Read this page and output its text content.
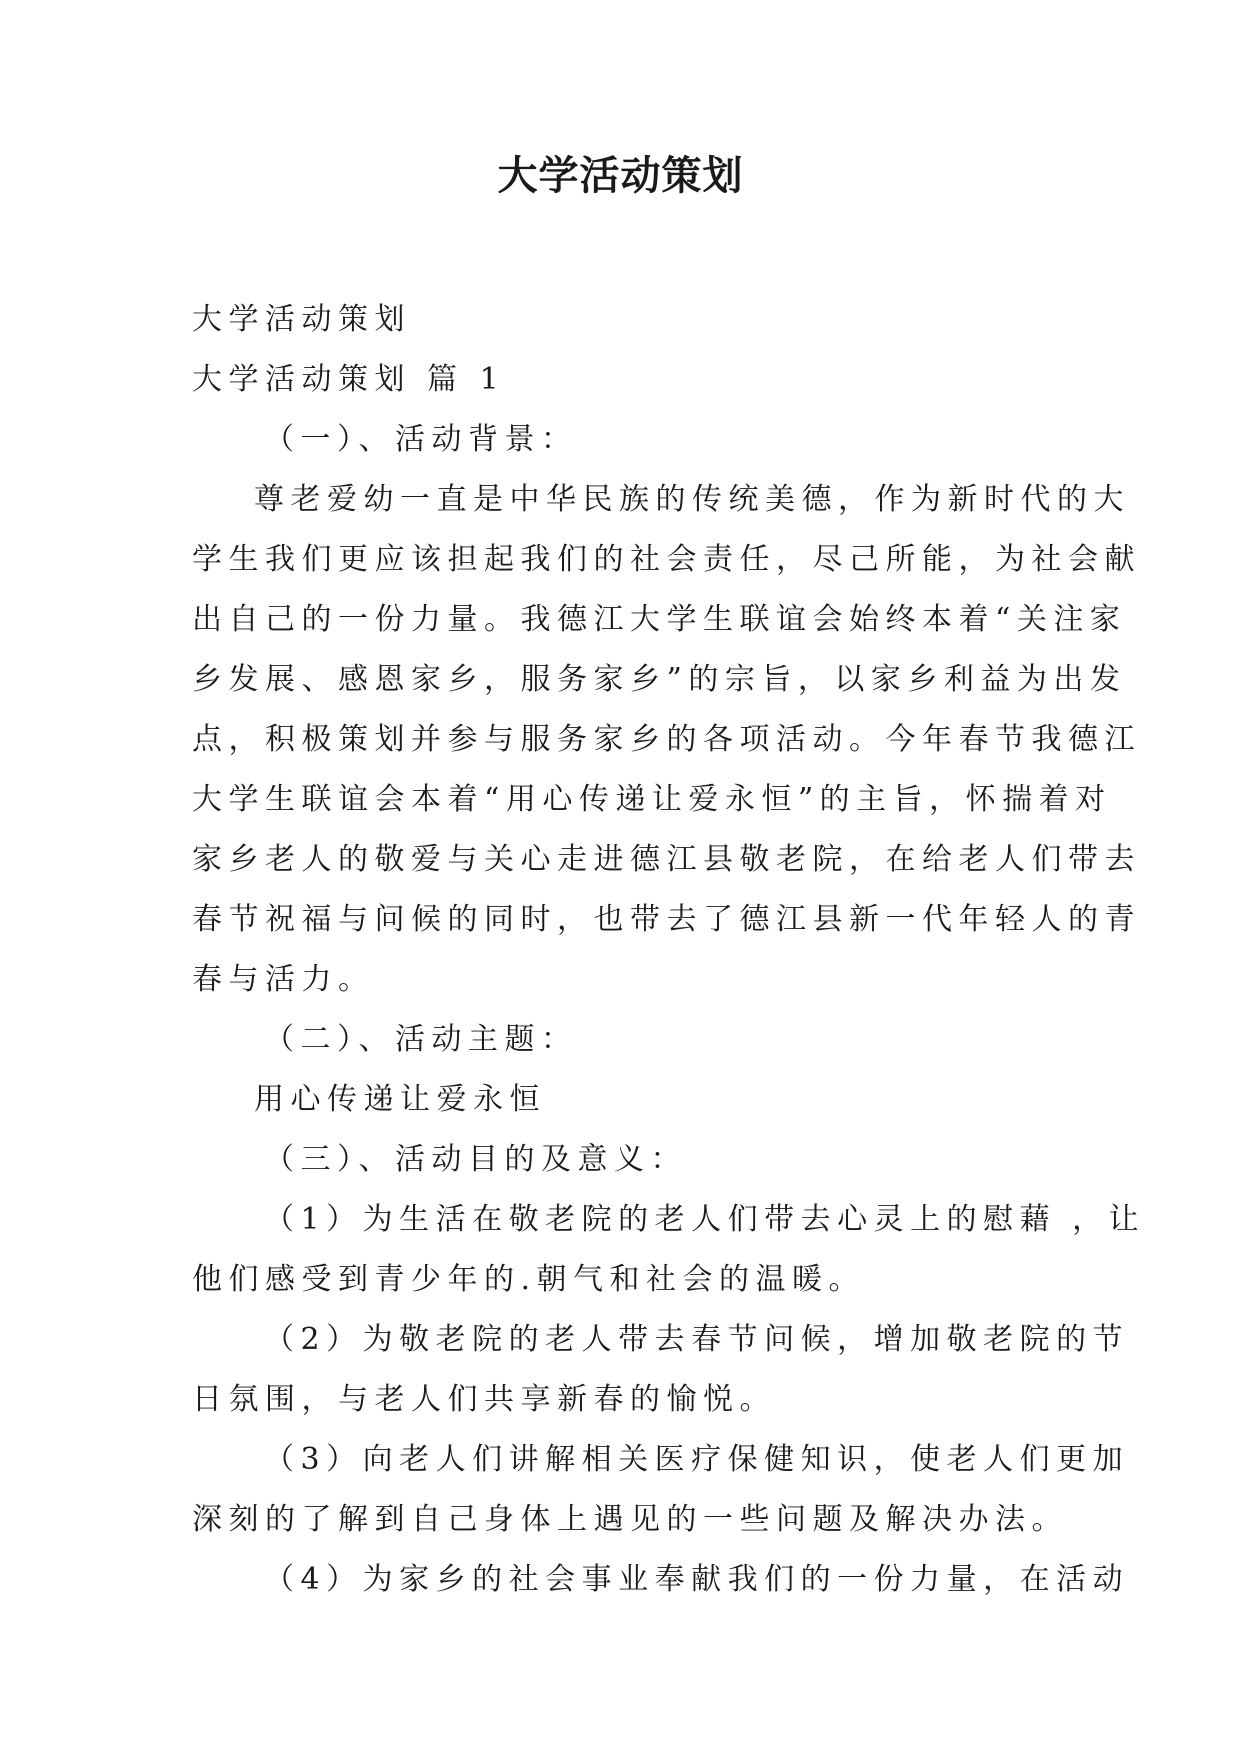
大学活动策划
大学活动策划
大学活动策划 篇 1
（一）、活动背景：
尊老爱幼一直是中华民族的传统美德，作为新时代的大
学生我们更应该担起我们的社会责任，尽己所能，为社会献
出自己的一份力量。我德江大学生联谊会始终本着“关注家
乡发展、感恩家乡，服务家乡”的宗旨，以家乡利益为出发
点，积极策划并参与服务家乡的各项活动。今年春节我德江
大学生联谊会本着“用心传递让爱永恒”的主旨，怀揣着对
家乡老人的敬爱与关心走进德江县敬老院，在给老人们带去
春节祝福与问候的同时，也带去了德江县新一代年轻人的青
春与活力。
（二）、活动主题：
用心传递让爱永恒
（三）、活动目的及意义：
（1）为生活在敬老院的老人们带去心灵上的慰藉 ，让
他们感受到青少年的.朝气和社会的温暖。
（2）为敬老院的老人带去春节问候，增加敬老院的节
日氛围，与老人们共享新春的愉悦。
（3）向老人们讲解相关医疗保健知识，使老人们更加
深刻的了解到自己身体上遇见的一些问题及解决办法。
（4）为家乡的社会事业奉献我们的一份力量，在活动
